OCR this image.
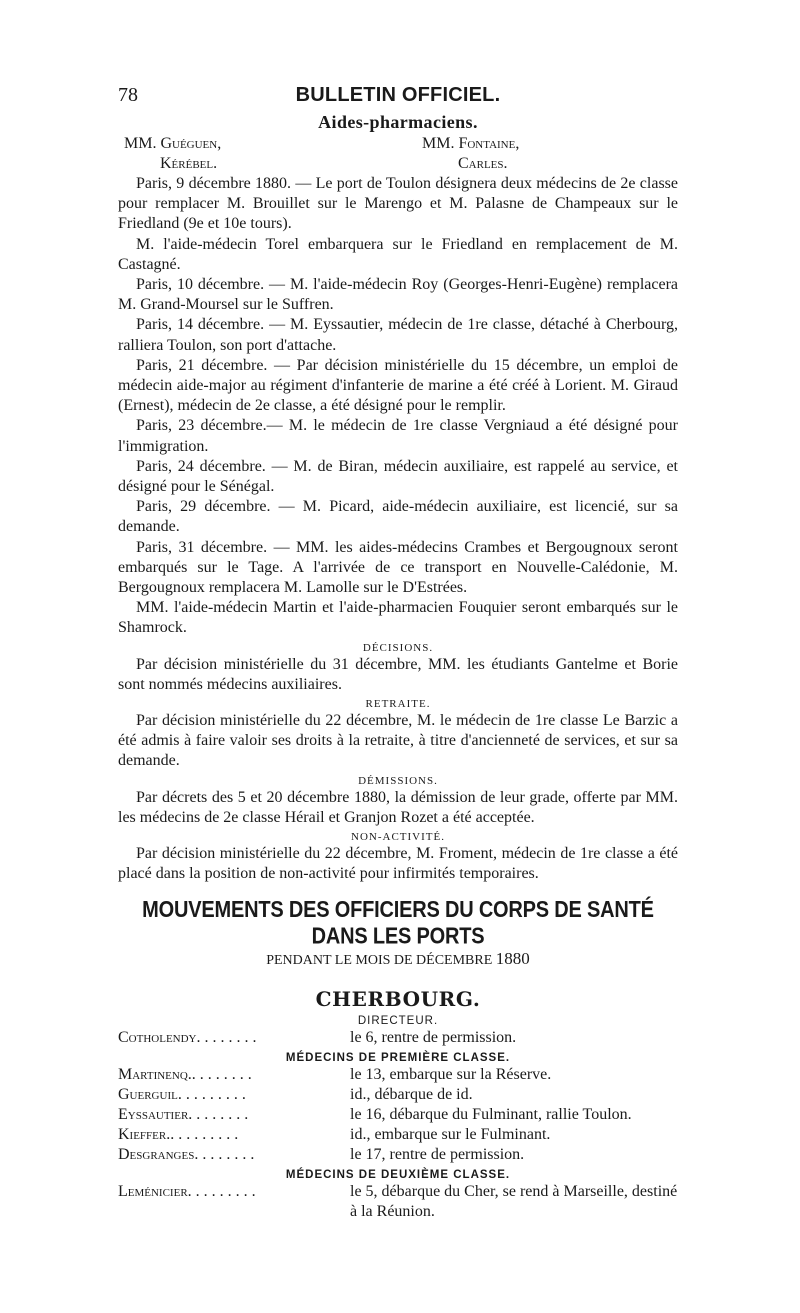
78	BULLETIN OFFICIEL.
Aides-pharmaciens.
MM. Guéguen,
Kérébel.
MM. Fontaine,
Carles.

Paris, 9 décembre 1880. — Le port de Toulon désignera deux médecins de 2e classe pour remplacer M. Brouillet sur le Marengo et M. Palasne de Champeaux sur le Friedland (9e et 10e tours).

M. l'aide-médecin Torel embarquera sur le Friedland en remplacement de M. Castagné.

Paris, 10 décembre. — M. l'aide-médecin Roy (Georges-Henri-Eugène) remplacera M. Grand-Moursel sur le Suffren.

Paris, 14 décembre. — M. Eyssautier, médecin de 1re classe, détaché à Cherbourg, ralliera Toulon, son port d'attache.

Paris, 21 décembre. — Par décision ministérielle du 15 décembre, un emploi de médecin aide-major au régiment d'infanterie de marine a été créé à Lorient. M. Giraud (Ernest), médecin de 2e classe, a été désigné pour le remplir.

Paris, 23 décembre.— M. le médecin de 1re classe Vergniaud a été désigné pour l'immigration.

Paris, 24 décembre. — M. de Biran, médecin auxiliaire, est rappelé au service, et désigné pour le Sénégal.

Paris, 29 décembre. — M. Picard, aide-médecin auxiliaire, est licencié, sur sa demande.

Paris, 31 décembre. — MM. les aides-médecins Crambes et Bergougnoux seront embarqués sur le Tage. A l'arrivée de ce transport en Nouvelle-Calédonie, M. Bergougnoux remplacera M. Lamolle sur le D'Estrées.

MM. l'aide-médecin Martin et l'aide-pharmacien Fouquier seront embarqués sur le Shamrock.

DÉCISIONS.

Par décision ministérielle du 31 décembre, MM. les étudiants Gantelme et Borie sont nommés médecins auxiliaires.

RETRAITE.

Par décision ministérielle du 22 décembre, M. le médecin de 1re classe Le Barzic a été admis à faire valoir ses droits à la retraite, à titre d'ancienneté de services, et sur sa demande.

DÉMISSIONS.

Par décrets des 5 et 20 décembre 1880, la démission de leur grade, offerte par MM. les médecins de 2e classe Hérail et Granjon Rozet a été acceptée.

NON-ACTIVITÉ.

Par décision ministérielle du 22 décembre, M. Froment, médecin de 1re classe a été placé dans la position de non-activité pour infirmités temporaires.

MOUVEMENTS DES OFFICIERS DU CORPS DE SANTÉ DANS LES PORTS
PENDANT LE MOIS DE DÉCEMBRE 1880
CHERBOURG.
DIRECTEUR.
Cotholendy. . . . . . . .	le 6, rentre de permission.
MÉDECINS DE PREMIÈRE CLASSE.
Martinenq.. . . . . . . .	le 13, embarque sur la Réserve.
Guerguil. . . . . . . . .	id., débarque de id.
Eyssautier. . . . . . . .	le 16, débarque du Fulminant, rallie Toulon.
Kieffer.. . . . . . . . .	id., embarque sur le Fulminant.
Desgranges. . . . . . . .	le 17, rentre de permission.
MÉDECINS DE DEUXIÈME CLASSE.
Leménicier. . . . . . . . .	le 5, débarque du Cher, se rend à Marseille, destiné à la Réunion.
